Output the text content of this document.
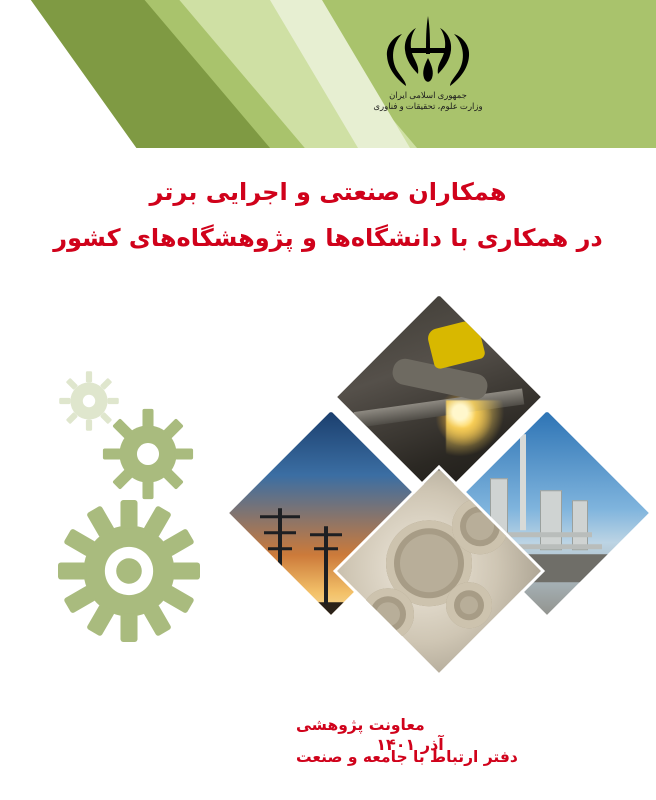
جمهوری اسلامی ایران
وزارت علوم، تحقیقات و فناوری
همکاران صنعتی و اجرایی برتر
در همکاری با دانشگاه‌ها و پژوهشگاه‌های کشور
معاونت پژوهشی
دفتر ارتباط با جامعه و صنعت
آذر ۱۴۰۱
